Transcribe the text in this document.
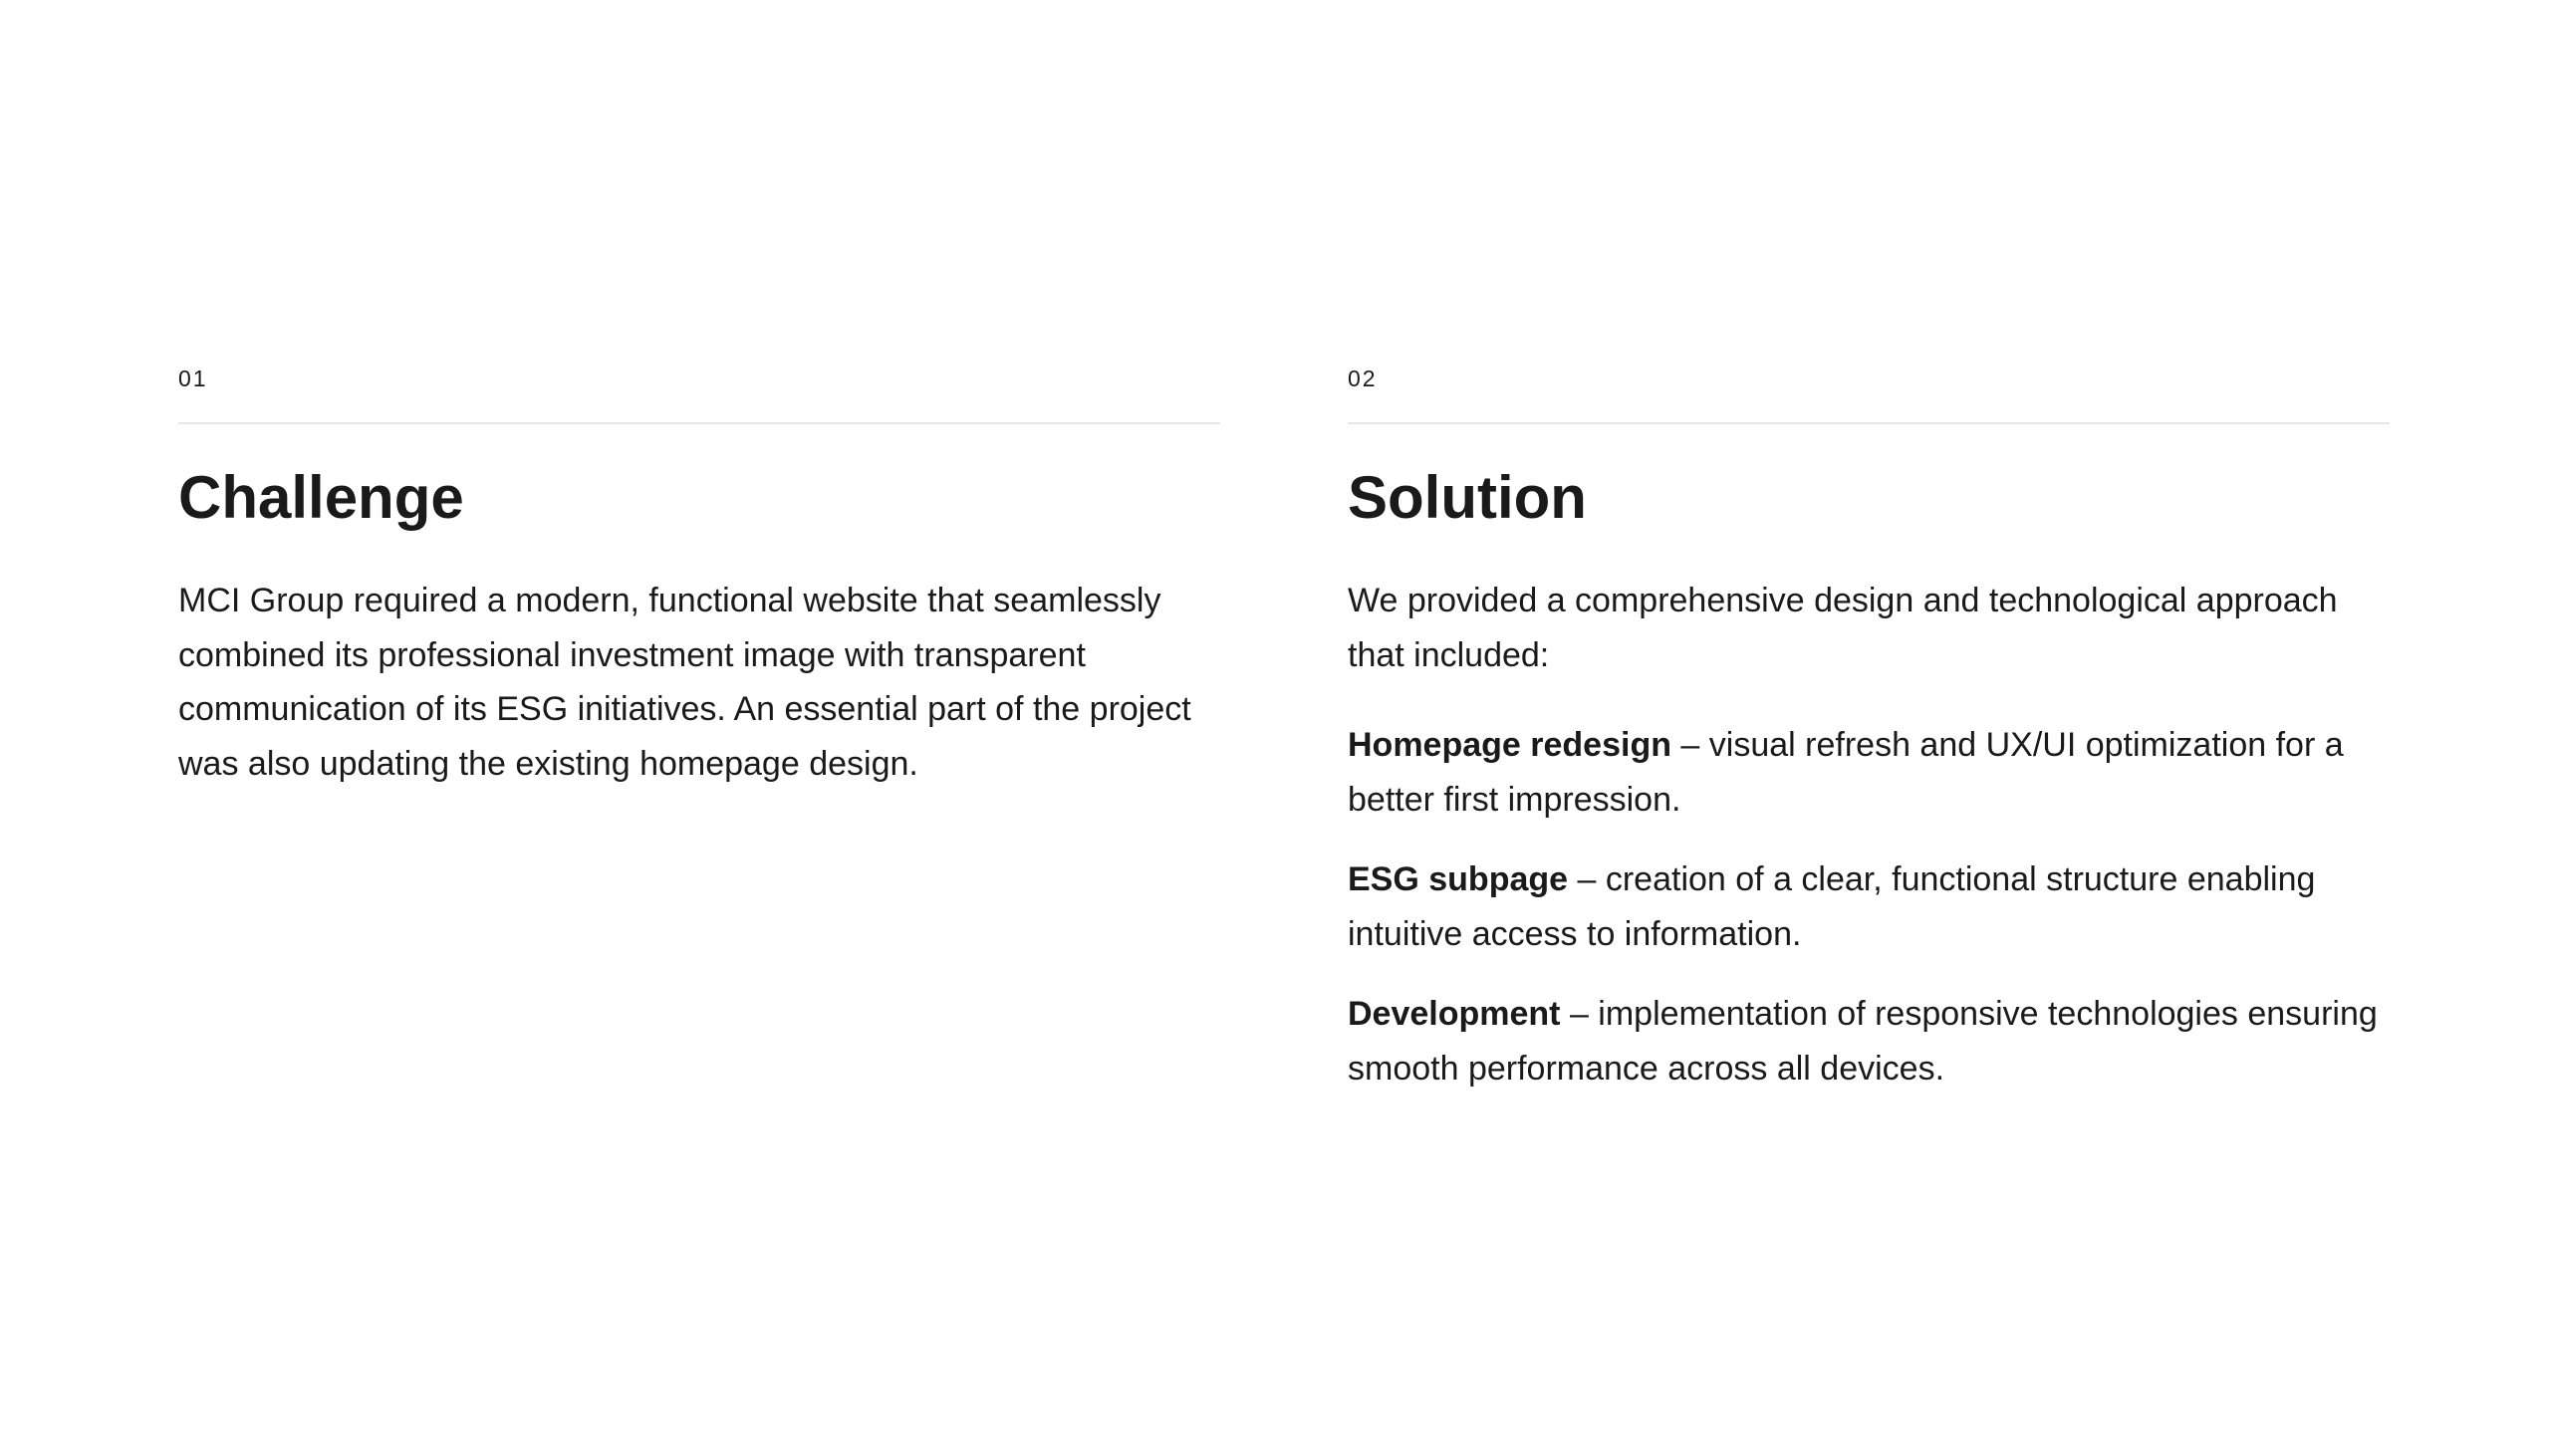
01

Challenge

MCI Group required a modern, functional website that seamlessly combined its professional investment image with transparent communication of its ESG initiatives. An essential part of the project was also updating the existing homepage design.

02

Solution

We provided a comprehensive design and technological approach that included:

Homepage redesign – visual refresh and UX/UI optimization for a better first impression.

ESG subpage – creation of a clear, functional structure enabling intuitive access to information.

Development – implementation of responsive technologies ensuring smooth performance across all devices.
